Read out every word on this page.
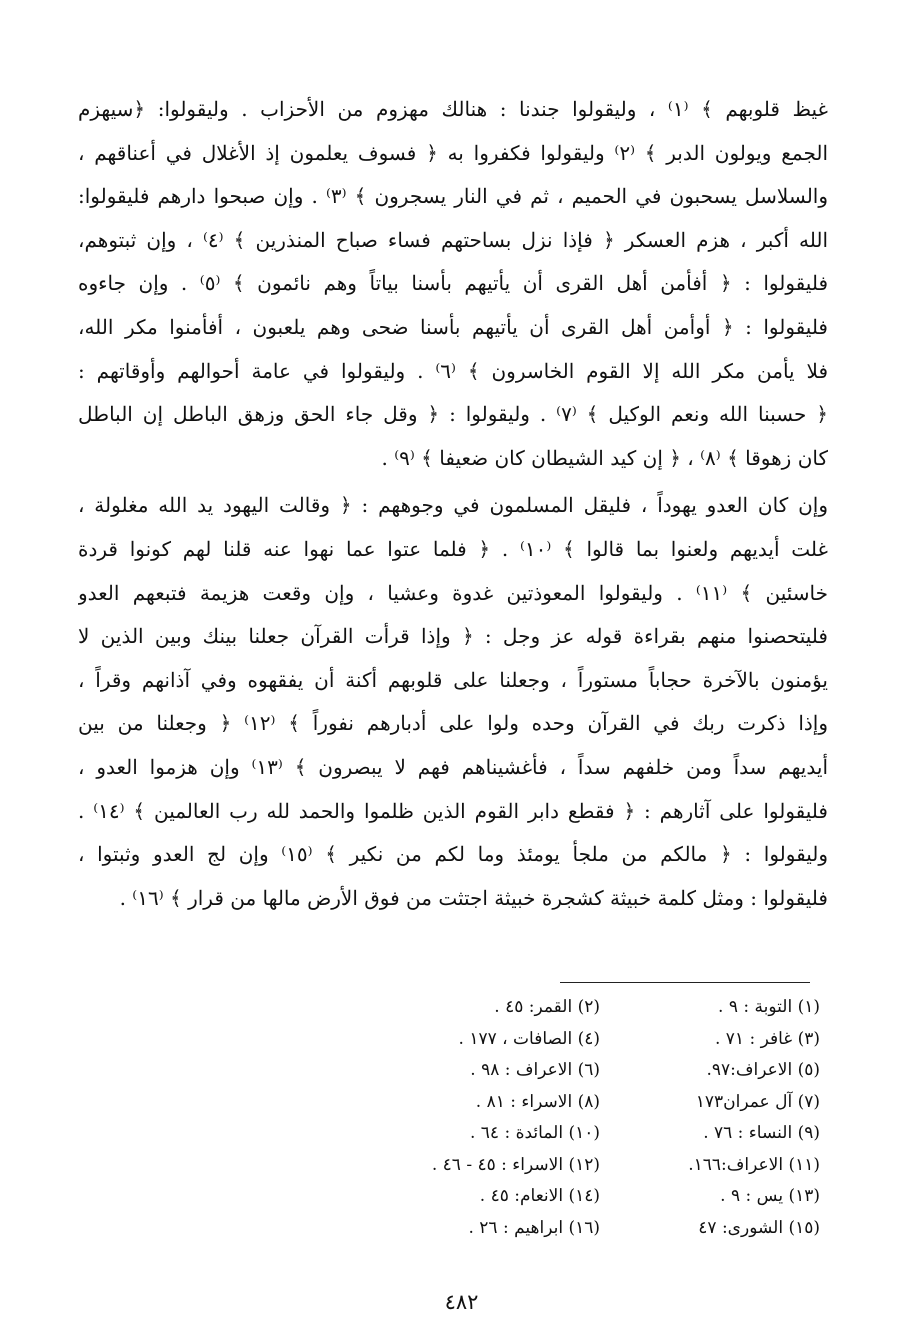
غيظ قلوبهم ﴾ ⁽١⁾ ، وليقولوا جندنا : هنالك مهزوم من الأحزاب . وليقولوا: ﴿سيهزم
الجمع ويولون الدبر ﴾ ⁽٢⁾ وليقولوا فكفروا به ﴿ فسوف يعلمون إذ الأغلال في أعناقهم ،
والسلاسل يسحبون في الحميم ، ثم في النار يسجرون ﴾ ⁽٣⁾ . وإن صبحوا دارهم فليقولوا:
الله أكبر ، هزم العسكر ﴿ فإذا نزل بساحتهم فساء صباح المنذرين ﴾ ⁽٤⁾ ، وإن ثبتوهم،
فليقولوا : ﴿ أفأمن أهل القرى أن يأتيهم بأسنا بياتاً وهم نائمون ﴾ ⁽٥⁾ . وإن جاءوه
فليقولوا : ﴿ أوأمن أهل القرى أن يأتيهم بأسنا ضحى وهم يلعبون ، أفأمنوا مكر الله،
فلا يأمن مكر الله إلا القوم الخاسرون ﴾ ⁽٦⁾ . وليقولوا في عامة أحوالهم وأوقاتهم :
﴿ حسبنا الله ونعم الوكيل ﴾ ⁽٧⁾ . وليقولوا : ﴿ وقل جاء الحق وزهق الباطل إن الباطل
كان زهوقا ﴾ ⁽٨⁾ ، ﴿ إن كيد الشيطان كان ضعيفا ﴾ ⁽٩⁾ .
وإن كان العدو يهوداً ، فليقل المسلمون في وجوههم : ﴿ وقالت اليهود يد الله مغلولة ،
غلت أيديهم ولعنوا بما قالوا ﴾ ⁽١٠⁾ . ﴿ فلما عتوا عما نهوا عنه قلنا لهم كونوا قردة
خاسئين ﴾ ⁽١١⁾ . وليقولوا المعوذتين غدوة وعشيا ، وإن وقعت هزيمة فتبعهم العدو
فليتحصنوا منهم بقراءة قوله عز وجل : ﴿ وإذا قرأت القرآن جعلنا بينك وبين الذين لا
يؤمنون بالآخرة حجاباً مستوراً ، وجعلنا على قلوبهم أكنة أن يفقهوه وفي آذانهم وقراً ،
وإذا ذكرت ربك في القرآن وحده ولوا على أدبارهم نفوراً ﴾ ⁽١٢⁾ ﴿ وجعلنا من بين
أيديهم سداً ومن خلفهم سداً ، فأغشيناهم فهم لا يبصرون ﴾ ⁽١٣⁾ وإن هزموا العدو ،
فليقولوا على آثارهم : ﴿ فقطع دابر القوم الذين ظلموا والحمد لله رب العالمين ﴾ ⁽١٤⁾ .
وليقولوا : ﴿ مالكم من ملجأ يومئذ وما لكم من نكير ﴾ ⁽١٥⁾ وإن لج العدو وثبتوا ،
فليقولوا : ومثل كلمة خبيثة كشجرة خبيثة اجتثت من فوق الأرض مالها من قرار ﴾ ⁽١٦⁾ .
(١) التوبة : ٩ .
(٣) غافر : ٧١ .
(٥) الاعراف:٩٧.
(٧) آل عمران١٧٣
(٩) النساء : ٧٦ .
(١١) الاعراف:١٦٦.
(١٣) يس : ٩ .
(١٥) الشورى: ٤٧
(٢) القمر: ٤٥ .
(٤) الصافات ، ١٧٧ .
(٦) الاعراف : ٩٨ .
(٨) الاسراء : ٨١ .
(١٠) المائدة : ٦٤ .
(١٢) الاسراء : ٤٥ - ٤٦ .
(١٤) الانعام: ٤٥ .
(١٦) ابراهيم : ٢٦ .
٤٨٢
